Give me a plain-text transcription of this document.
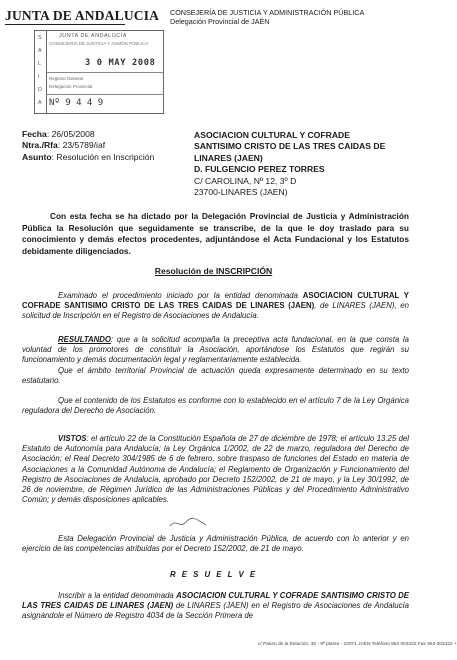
JUNTA DE ANDALUCIA CONSEJERÍA DE JUSTICIA Y ADMINISTRACIÓN PÚBLICA
Delegación Provincial de JAÉN
S
A
L
I
D
A
JUNTA DE ANDALUCIA
CONSEJERÍA DE JUSTICIA Y ADMÓN PÚBLICA
3 0 MAY 2008
Registro General
Delegación Provincial
Nº 9 4 4 9
Fecha: 26/05/2008
Ntra./Rfa: 23/5789/iaf
Asunto: Resolución en Inscripción
ASOCIACION CULTURAL Y COFRADE
SANTISIMO CRISTO DE LAS TRES CAIDAS DE
LINARES (JAEN)
D. FULGENCIO PEREZ TORRES
C/ CAROLINA, Nº 12, 3º D
23700-LINARES (JAEN)
Con esta fecha se ha dictado por la Delegación Provincial de Justicia y Administración Pública la Resolución que seguidamente se transcribe, de la que le doy traslado para su conocimiento y demás efectos procedentes, adjuntándose el Acta Fundacional y los Estatutos debidamente diligenciados.
Resolución de INSCRIPCIÓN
Examinado el procedimiento iniciado por la entidad denominada ASOCIACION CULTURAL Y COFRADE SANTISIMO CRISTO DE LAS TRES CAIDAS DE LINARES (JAEN), de LINARES (JAEN), en solicitud de Inscripción en el Registro de Asociaciones de Andalucía.
RESULTANDO: que a la solicitud acompaña la preceptiva acta fundacional, en la que consta la voluntad de los promotores de constituir la Asociación, aportándose los Estatutos que regirán su funcionamiento y demás documentación legal y reglamentariamente establecida.
Que el ámbito territorial Provincial de actuación queda expresamente determinado en su texto estatutario.
Que el contenido de los Estatutos es conforme con lo establecido en el artículo 7 de la Ley Orgánica reguladora del Derecho de Asociación.
VISTOS: el artículo 22 de la Constitución Española de 27 de diciembre de 1978; el artículo 13.25 del Estatuto de Autonomía para Andalucía; la Ley Orgánica 1/2002, de 22 de marzo, reguladora del Derecho de Asociación; el Real Decreto 304/1985 de 6 de febrero, sobre traspaso de funciones del Estado en materia de Asociaciones a la Comunidad Autónoma de Andalucía; el Reglamento de Organización y Funcionamiento del Registro de Asociaciones de Andalucía, aprobado por Decreto 152/2002, de 21 de mayo, y la Ley 30/1992, de 26 de noviembre, de Régimen Jurídico de las Administraciones Públicas y del Procedimiento Administrativo Común; y demás disposiciones aplicables.
Esta Delegación Provincial de Justicia y Administración Pública, de acuerdo con lo anterior y en ejercicio de las competencias atribuidas por el Decreto 152/2002, de 21 de mayo.
R E S U E L V E
Inscribir a la entidad denominada ASOCIACION CULTURAL Y COFRADE SANTISIMO CRISTO DE LAS TRES CAIDAS DE LINARES (JAEN) de LINARES (JAEN) en el Registro de Asociaciones de Andalucía asignándole el Número de Registro 4034 de la Sección Primera de
c/ Paseo de la Estación, 30 - 9ª planta - 23071 JAÉN Teléfono 953 003432 Fax 953 003432 +
